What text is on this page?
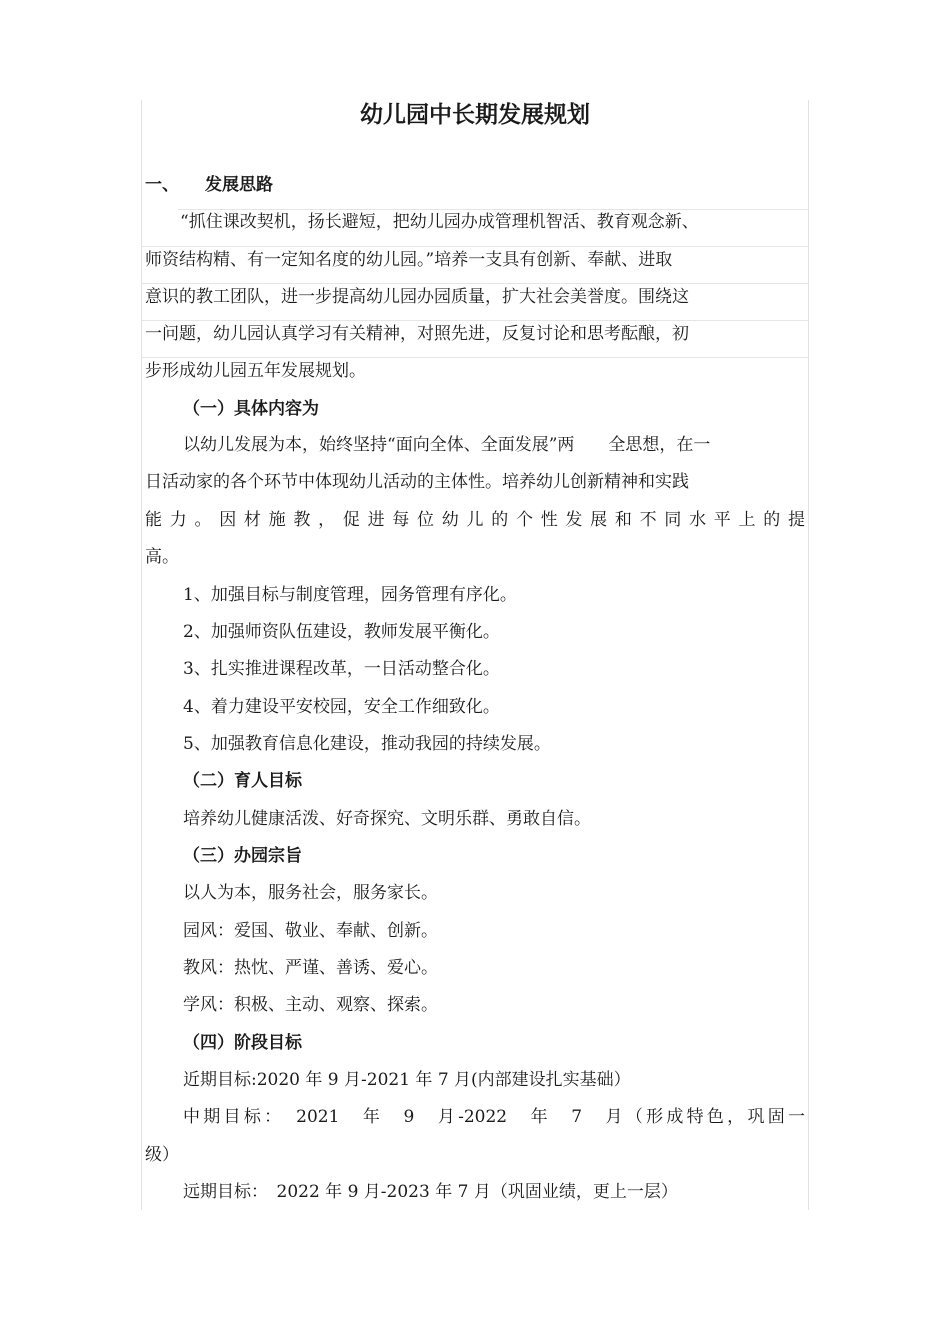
幼儿园中长期发展规划
一、 发展思路
“抓住课改契机，扬长避短，把幼儿园办成管理机智活、教育观念新、
师资结构精、有一定知名度的幼儿园。”培养一支具有创新、奉献、进取
意识的教工团队，进一步提高幼儿园办园质量，扩大社会美誉度。围绕这
一问题，幼儿园认真学习有关精神，对照先进，反复讨论和思考酝酿，初
步形成幼儿园五年发展规划。
（一）具体内容为
以幼儿发展为本，始终坚持“面向全体、全面发展”两　　全思想，在一
日活动家的各个环节中体现幼儿活动的主体性。培养幼儿创新精神和实践
能力。因材施教，促进每位幼儿的个性发展和不同水平上的提
高。
1、加强目标与制度管理，园务管理有序化。
2、加强师资队伍建设，教师发展平衡化。
3、扎实推进课程改革，一日活动整合化。
4、着力建设平安校园，安全工作细致化。
5、加强教育信息化建设，推动我园的持续发展。
（二）育人目标
培养幼儿健康活泼、好奇探究、文明乐群、勇敢自信。
（三）办园宗旨
以人为本，服务社会，服务家长。
园风：爱国、敬业、奉献、创新。
教风：热忱、严谨、善诱、爱心。
学风：积极、主动、观察、探索。
（四）阶段目标
近期目标:2020 年 9 月-2021 年 7 月(内部建设扎实基础）
中期目标：　2021　年　9　月-2022　年　7　月（形成特色，巩固一
级）
远期目标：　2022 年 9 月-2023 年 7 月（巩固业绩，更上一层）
